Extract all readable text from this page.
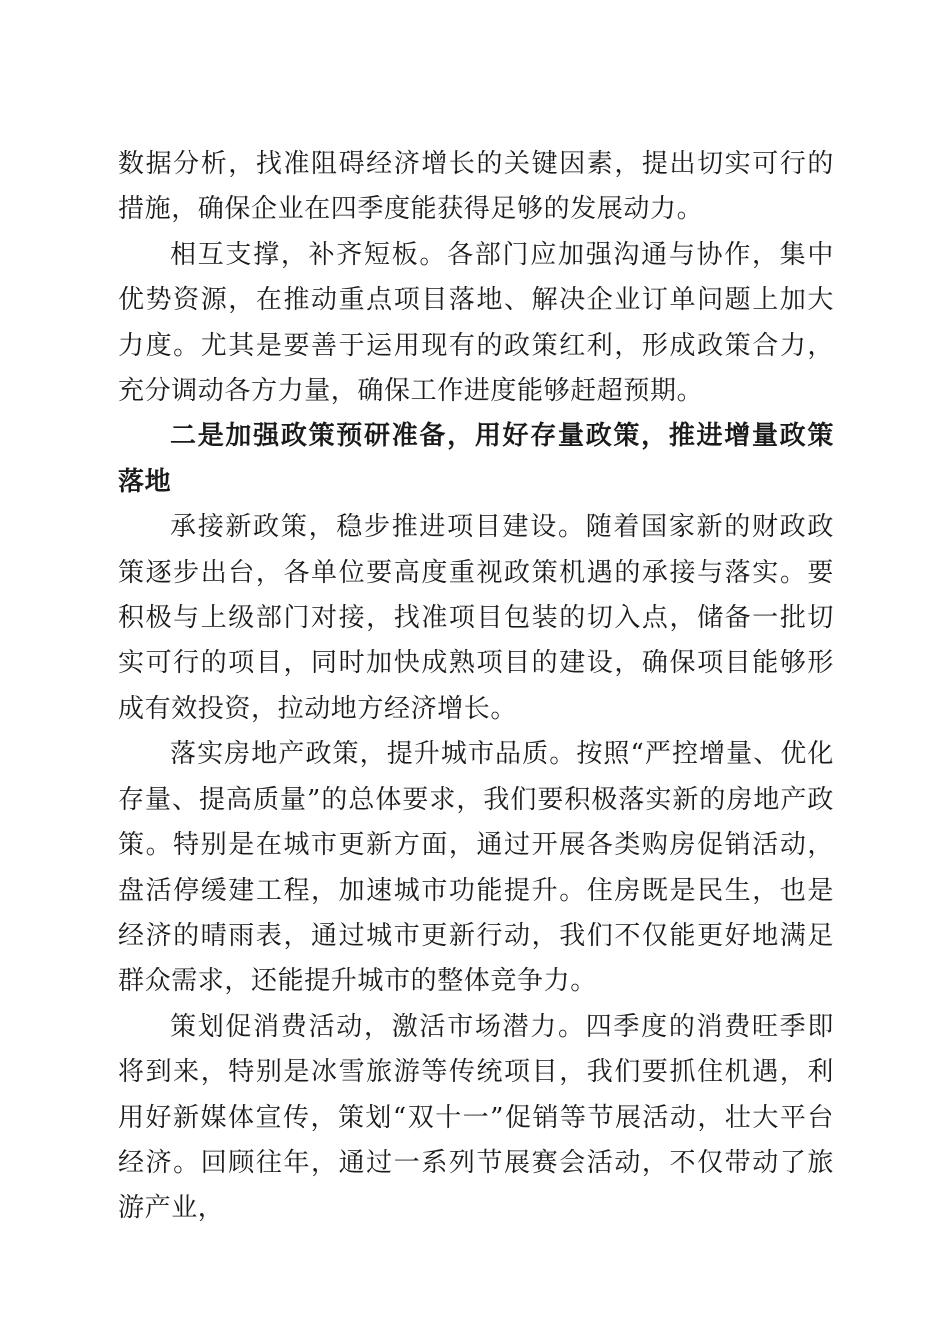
数据分析，找准阻碍经济增长的关键因素，提出切实可行的措施，确保企业在四季度能获得足够的发展动力。

相互支撑，补齐短板。各部门应加强沟通与协作，集中优势资源，在推动重点项目落地、解决企业订单问题上加大力度。尤其是要善于运用现有的政策红利，形成政策合力，充分调动各方力量，确保工作进度能够赶超预期。

二是加强政策预研准备，用好存量政策，推进增量政策落地

承接新政策，稳步推进项目建设。随着国家新的财政政策逐步出台，各单位要高度重视政策机遇的承接与落实。要积极与上级部门对接，找准项目包装的切入点，储备一批切实可行的项目，同时加快成熟项目的建设，确保项目能够形成有效投资，拉动地方经济增长。

落实房地产政策，提升城市品质。按照“严控增量、优化存量、提高质量”的总体要求，我们要积极落实新的房地产政策。特别是在城市更新方面，通过开展各类购房促销活动，盘活停缓建工程，加速城市功能提升。住房既是民生，也是经济的晴雨表，通过城市更新行动，我们不仅能更好地满足群众需求，还能提升城市的整体竞争力。

策划促消费活动，激活市场潜力。四季度的消费旺季即将到来，特别是冰雪旅游等传统项目，我们要抓住机遇，利用好新媒体宣传，策划“双十一”促销等节展活动，壮大平台经济。回顾往年，通过一系列节展赛会活动，不仅带动了旅游产业，
